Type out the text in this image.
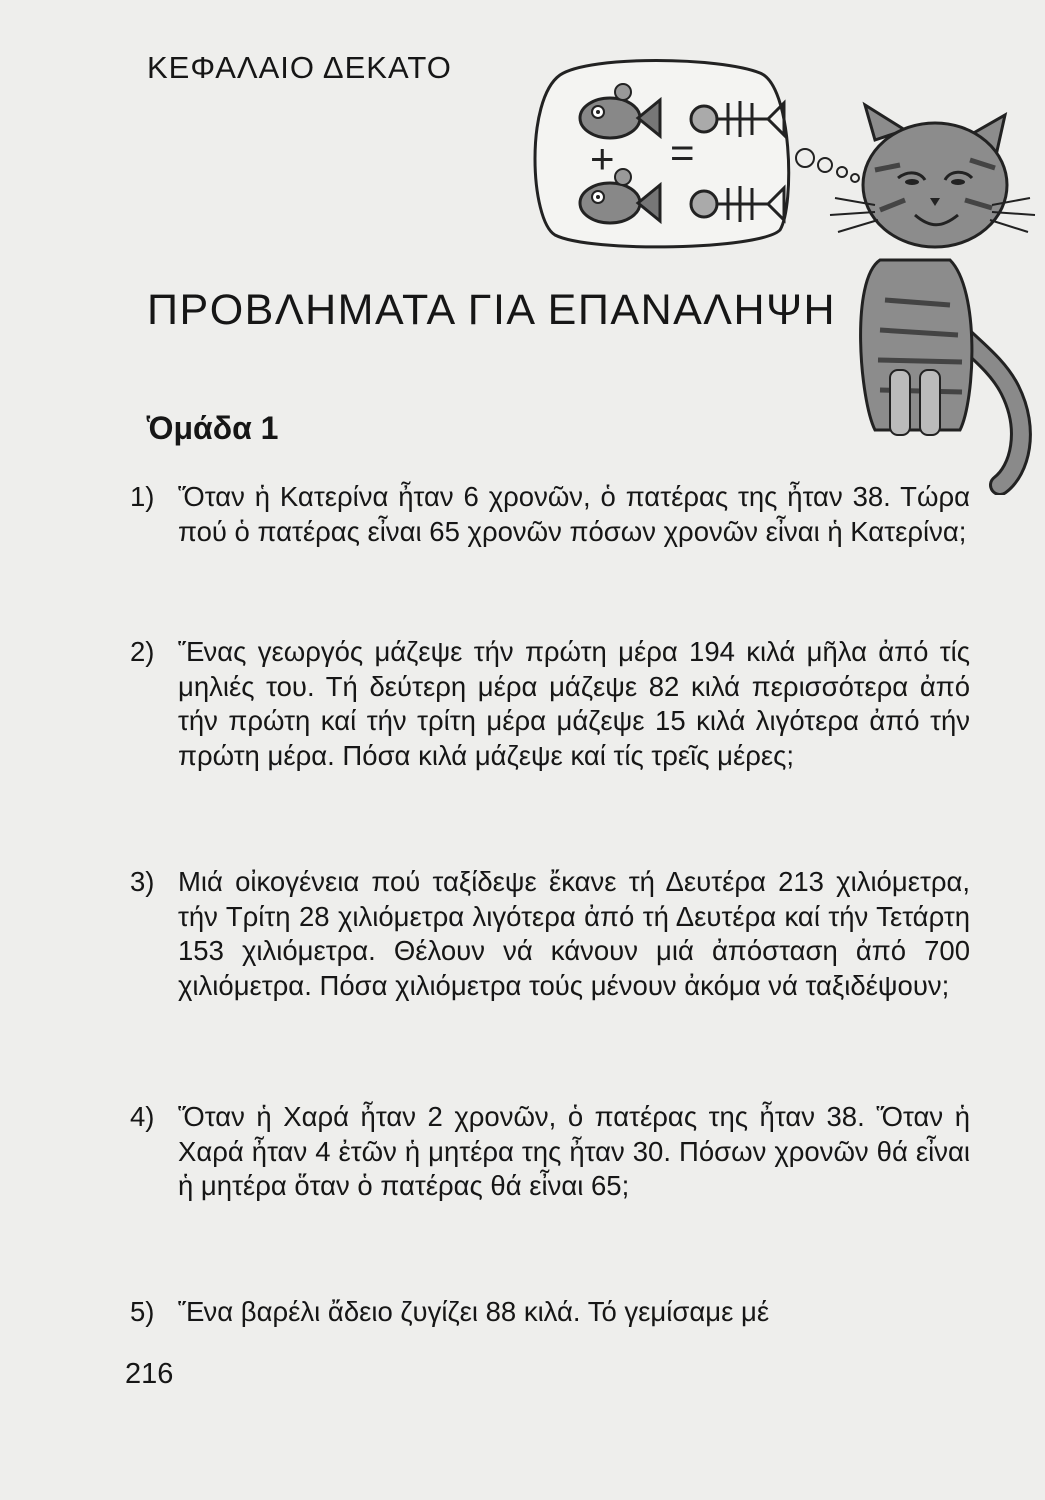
ΚΕΦΑΛΑΙΟ ΔΕΚΑΤΟ
+ =
ΠΡΟΒΛΗΜΑΤΑ ΓΙΑ ΕΠΑΝΑΛΗΨΗ
Ὁμάδα 1
1) Ὅταν ἡ Κατερίνα ἦταν 6 χρονῶν, ὁ πατέρας της ἦταν 38. Τώρα πού ὁ πατέρας εἶναι 65 χρονῶν πόσων χρονῶν εἶναι ἡ Κατερίνα;
2) Ἕνας γεωργός μάζεψε τήν πρώτη μέρα 194 κιλά μῆλα ἀπό τίς μηλιές του. Τή δεύτερη μέρα μάζεψε 82 κιλά περισσότερα ἀπό τήν πρώτη καί τήν τρίτη μέρα μάζεψε 15 κιλά λιγότερα ἀπό τήν πρώτη μέρα. Πόσα κιλά μάζεψε καί τίς τρεῖς μέρες;
3) Μιά οἰκογένεια πού ταξίδεψε ἔκανε τή Δευτέρα 213 χιλιόμετρα, τήν Τρίτη 28 χιλιόμετρα λιγότερα ἀπό τή Δευτέρα καί τήν Τετάρτη 153 χιλιόμετρα. Θέλουν νά κάνουν μιά ἀπόσταση ἀπό 700 χιλιόμετρα. Πόσα χιλιόμετρα τούς μένουν ἀκόμα νά ταξιδέψουν;
4) Ὅταν ἡ Χαρά ἦταν 2 χρονῶν, ὁ πατέρας της ἦταν 38. Ὅταν ἡ Χαρά ἦταν 4 ἐτῶν ἡ μητέρα της ἦταν 30. Πόσων χρονῶν θά εἶναι ἡ μητέρα ὅταν ὁ πατέρας θά εἶναι 65;
5) Ἕνα βαρέλι ἄδειο ζυγίζει 88 κιλά. Τό γεμίσαμε μέ
216
